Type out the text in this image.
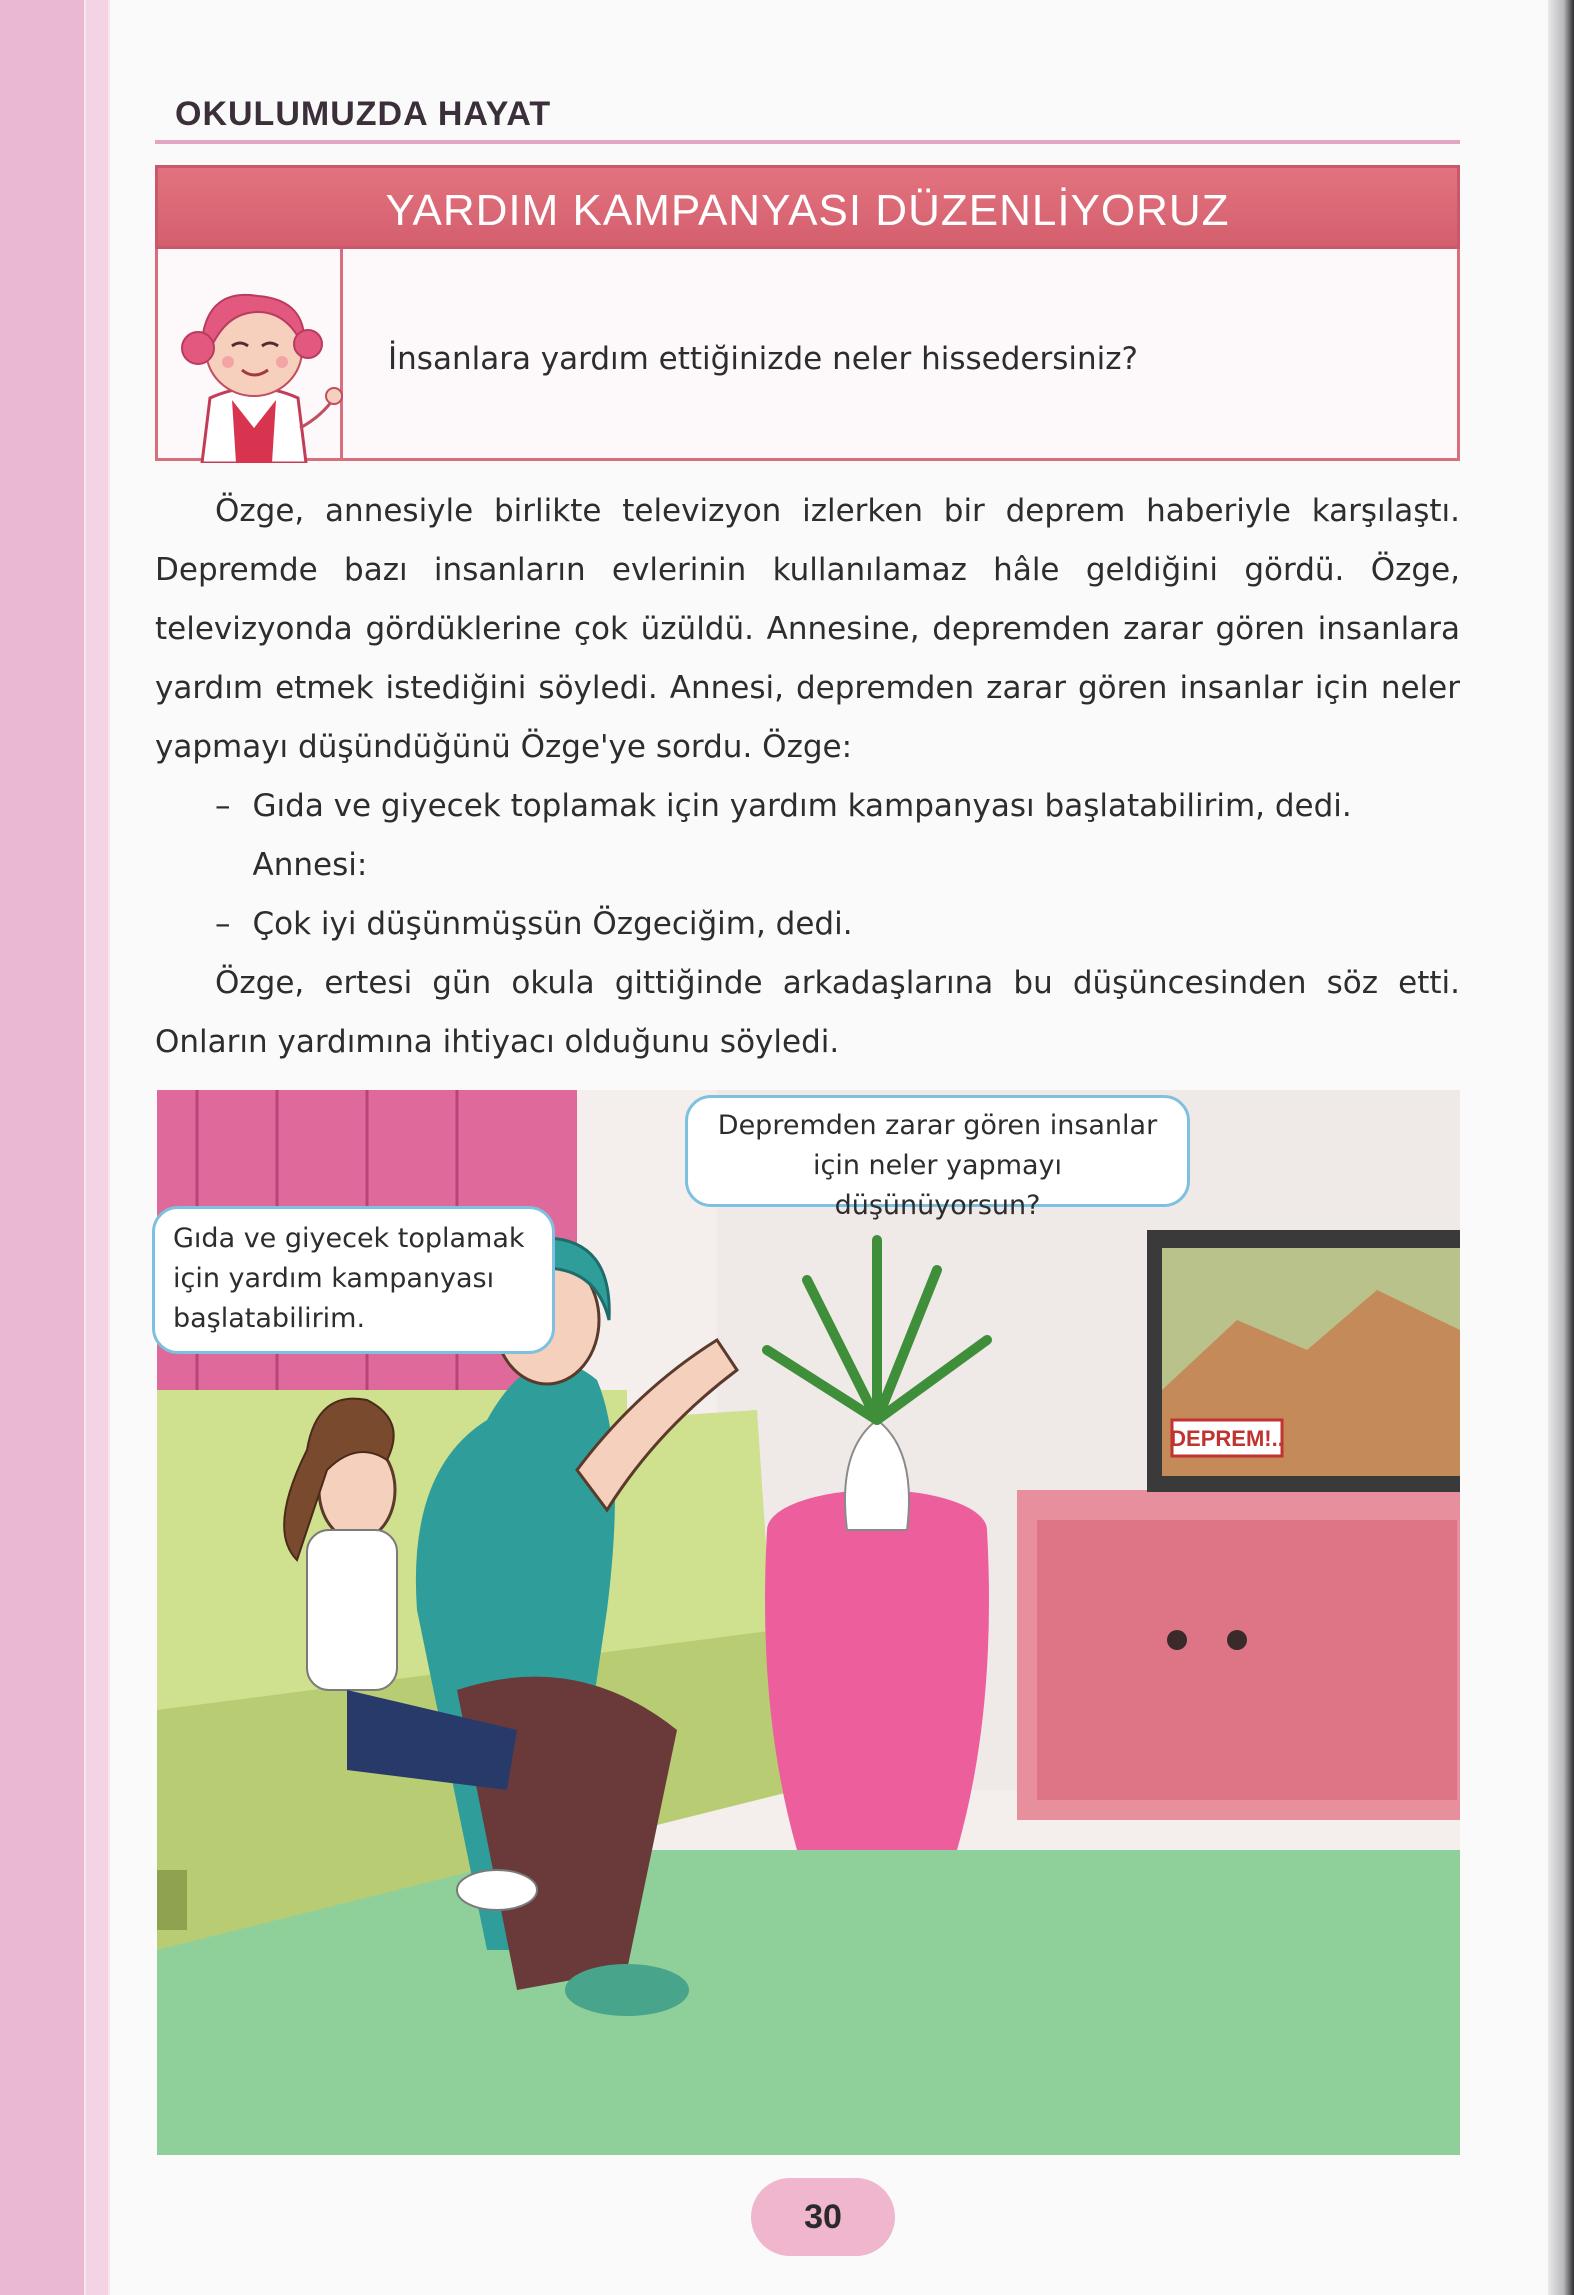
OKULUMUZDA HAYAT
YARDIM KAMPANYASI DÜZENLİYORUZ
İnsanlara yardım ettiğinizde neler hissedersiniz?

Özge, annesiyle birlikte televizyon izlerken bir deprem haberiyle karşılaştı. Depremde bazı insanların evlerinin kullanılamaz hâle geldiğini gördü. Özge, televizyonda gördüklerine çok üzüldü. Annesine, depremden zarar gören insanlara yardım etmek istediğini söyledi. Annesi, depremden zarar gören insanlar için neler yapmayı düşündüğünü Özge'ye sordu. Özge:

– Gıda ve giyecek toplamak için yardım kampanyası başlatabilirim, dedi. Annesi:
– Çok iyi düşünmüşsün Özgeciğim, dedi.

Özge, ertesi gün okula gittiğinde arkadaşlarına bu düşüncesinden söz etti. Onların yardımına ihtiyacı olduğunu söyledi.

DEPREM!..
Depremden zarar gören insanlar için neler yapmayı düşünüyorsun?
Gıda ve giyecek toplamak için yardım kampanyası başlatabilirim.
30
